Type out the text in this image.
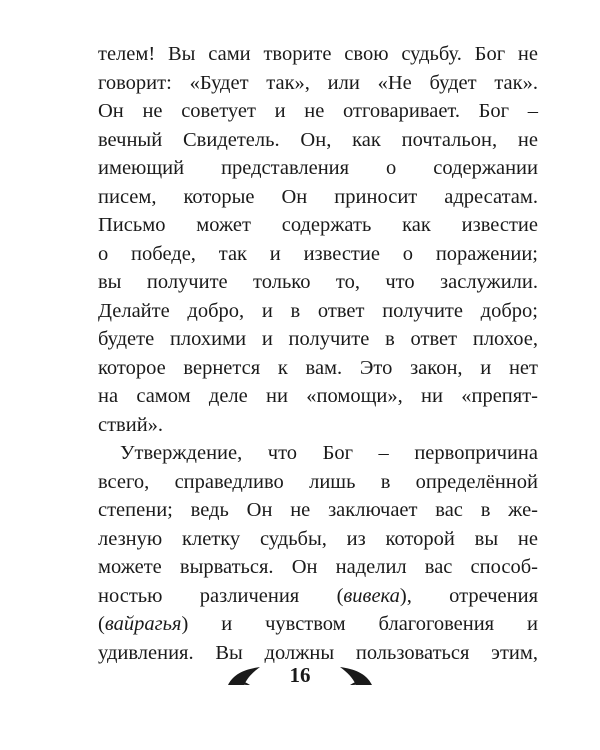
телем! Вы сами творите свою судьбу. Бог не
говорит: «Будет так», или «Не будет так».
Он не советует и не отговаривает. Бог –
вечный Свидетель. Он, как почтальон, не
имеющий представления о содержании
писем, которые Он приносит адресатам.
Письмо может содержать как известие
о победе, так и известие о поражении;
вы получите только то, что заслужили.
Делайте добро, и в ответ получите добро;
будете плохими и получите в ответ плохое,
которое вернется к вам. Это закон, и нет
на самом деле ни «помощи», ни «препят-
ствий».
Утверждение, что Бог – первопричина
всего, справедливо лишь в определённой
степени; ведь Он не заключает вас в же-
лезную клетку судьбы, из которой вы не
можете вырваться. Он наделил вас способ-
ностью различения (вивека), отречения
(вайрагья) и чувством благоговения и
удивления. Вы должны пользоваться этим,
16
